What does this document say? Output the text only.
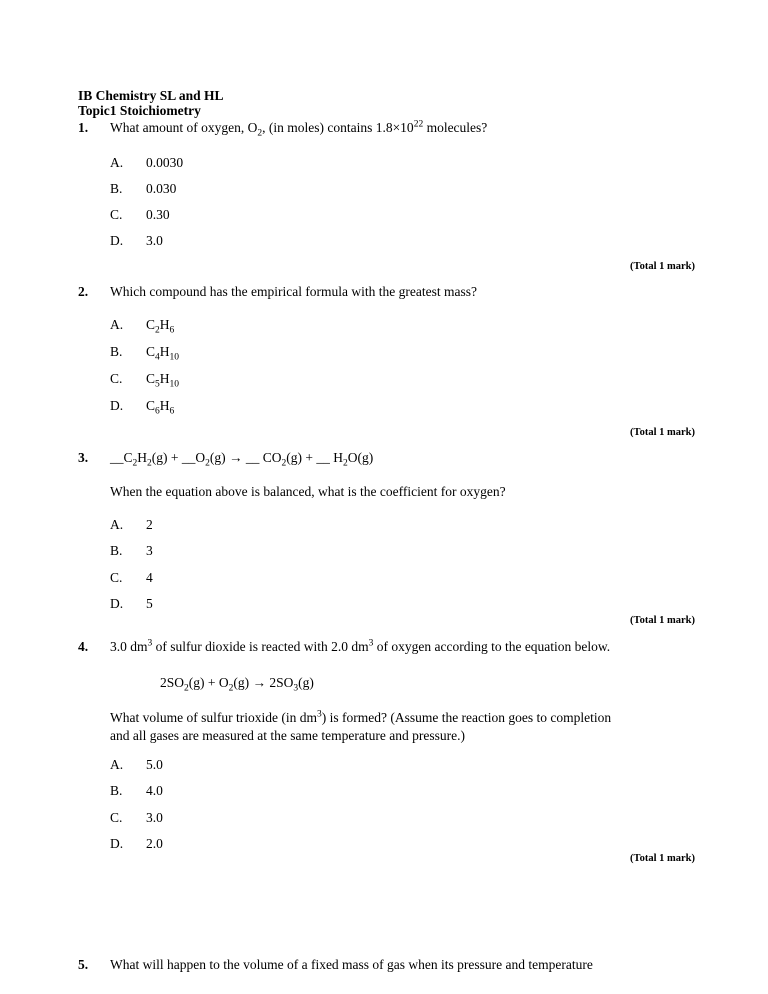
IB Chemistry SL and HL
Topic1 Stoichiometry
1. What amount of oxygen, $O_2$, (in moles) contains $1.8\times 10^{22}$ molecules?
A. 0.0030
B. 0.030
C. 0.30
D. 3.0
(Total 1 mark)
2. Which compound has the empirical formula with the greatest mass?
A. $C_2H_6$
B. $C_4H_{10}$
C. $C_5H_{10}$
D. $C_6H_6$
(Total 1 mark)
3. $\_\_C_2H_2(g)$ + $\_\_O_2(g)$ → __ $CO_2(g)$ + __ $H_2O(g)$
When the equation above is balanced, what is the coefficient for oxygen?
A. 2
B. 3
C. 4
D. 5
(Total 1 mark)
4. 3.0 $dm^3$ of sulfur dioxide is reacted with 2.0 $dm^3$ of oxygen according to the equation below.
$2SO_2(g) + O_2(g) \to 2SO_3(g)$
What volume of sulfur trioxide (in $dm^3$) is formed? (Assume the reaction goes to completion
and all gases are measured at the same temperature and pressure.)
A. 5.0
B. 4.0
C. 3.0
D. 2.0
(Total 1 mark)
5. What will happen to the volume of a fixed mass of gas when its pressure and temperature
